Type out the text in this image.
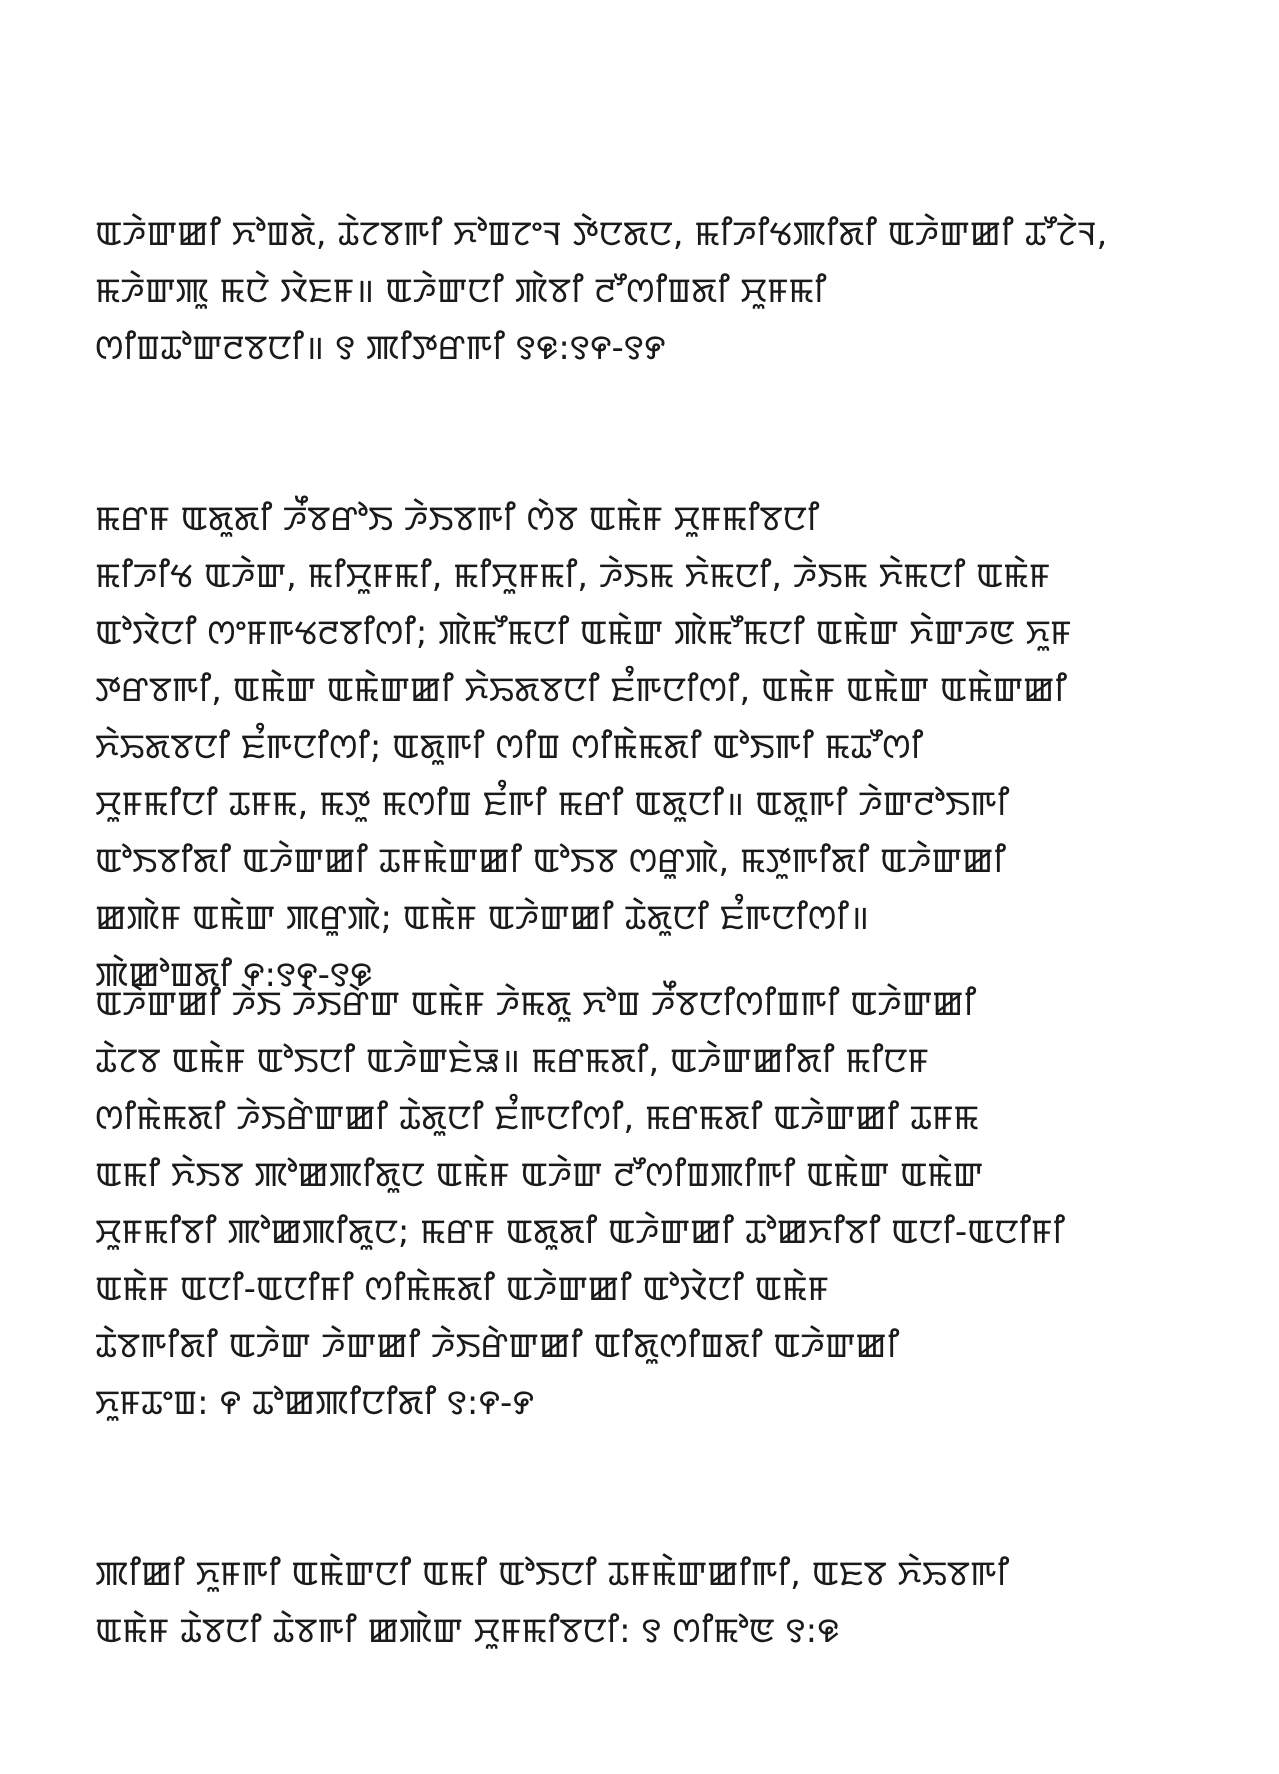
ꯑꯍꯥꯛꯀꯤ ꯈꯣꯡꯗꯥ, ꯊꯥꯖꯕꯒꯤ ꯈꯣꯡꯖꯦꯜ ꯇꯥꯅꯗꯅ, ꯃꯤꯍꯤꯠꯄꯤꯗꯤ ꯑꯍꯥꯛꯀꯤ ꯊꯧꯖꯥꯜ,
ꯃꯍꯥꯛꯄꯨ ꯃꯅꯥ ꯋꯥꯐꯝ॥ ꯑꯍꯥꯛꯅꯤ ꯄꯥꯕꯤ ꯂꯧꯁꯤꯡꯗꯤ ꯆꯨꯝꯃꯤ
ꯁꯤꯡꯊꯣꯛꯂꯕꯅꯤ॥ ꯱ ꯄꯤꯇꯔꯒꯤ ꯱꯶:꯱꯵-꯱꯸

ꯃꯔꯝ ꯑꯗꯨꯗꯤ ꯍꯩꯕꯔꯣꯏ ꯍꯥꯏꯕꯒꯤ ꯁꯥꯕ ꯑꯃꯥꯝ ꯆꯨꯝꯃꯤꯕꯅꯤ
ꯃꯤꯍꯤꯠ ꯑꯍꯥꯛ, ꯃꯤꯆꯨꯝꯃꯤ, ꯃꯤꯆꯨꯝꯃꯤ, ꯍꯥꯏꯃ ꯈꯥꯃꯅꯤ, ꯍꯥꯏꯃ ꯈꯥꯃꯅꯤ ꯑꯃꯥꯝ
ꯑꯣꯋꯥꯅꯤ ꯁꯦꯝꯒꯠꯂꯕꯤꯁꯤ; ꯄꯥꯃꯧꯃꯅꯤ ꯑꯃꯥꯛ ꯄꯥꯃꯧꯃꯅꯤ ꯑꯃꯥꯛ ꯈꯥꯛꯍꯟ ꯈꯨꯝ
ꯇꯔꯕꯒꯤ, ꯑꯃꯥꯛ ꯑꯃꯥꯛꯀꯤ ꯈꯥꯢꯗꯕꯅꯤ ꯐꯪꯒꯅꯤꯁꯤ, ꯑꯃꯥꯝ ꯑꯃꯥꯛ ꯑꯃꯥꯛꯀꯤ
ꯈꯥꯢꯗꯕꯅꯤ ꯐꯪꯒꯅꯤꯁꯤ; ꯑꯗꯨꯒꯤ ꯁꯤꯡ ꯁꯤꯃꯥꯃꯗꯤ ꯑꯣꯏꯒꯤ ꯃꯊꯧꯁꯤ
ꯆꯨꯝꯃꯤꯅꯤ ꯊꯝꯃ, ꯃꯇꯨ ꯃꯁꯤꯡ ꯐꯪꯒꯤ ꯃꯔꯤ ꯑꯗꯨꯅꯤ॥ ꯑꯗꯨꯒꯤ ꯍꯥꯛꯂꯣꯏꯒꯤ
ꯑꯣꯏꯕꯤꯗꯤ ꯑꯍꯥꯛꯀꯤ ꯊꯝꯃꯥꯛꯀꯤ ꯑꯣꯏꯕ ꯁꯔꯨꯄꯥ, ꯃꯇꯨꯒꯤꯗꯤ ꯑꯍꯥꯛꯀꯤ
ꯀꯄꯥꯝ ꯑꯃꯥꯛ ꯄꯔꯨꯄꯥ; ꯑꯃꯥꯝ ꯑꯍꯥꯛꯀꯤ ꯊꯥꯗꯨꯅꯤ ꯐꯪꯒꯅꯤꯁꯤ॥
ꯄꯥꯀꯣꯡꯗꯤ ꯵:꯱꯵-꯱꯶

ꯑꯍꯥꯛꯀꯤ ꯍꯥꯏ ꯍꯥꯏꯔꯥꯛ ꯑꯃꯥꯝ ꯍꯥꯃꯗꯨ ꯈꯣꯡ ꯍꯩꯕꯅꯤꯁꯤꯡꯒꯤ ꯑꯍꯥꯛꯀꯤ
ꯊꯥꯖꯕ ꯑꯃꯥꯝ ꯑꯣꯏꯅꯤ ꯑꯍꯥꯛꯐꯥꯎ॥ ꯃꯔꯃꯗꯤ, ꯑꯍꯥꯛꯀꯤꯗꯤ ꯃꯤꯅꯝ
ꯁꯤꯃꯥꯃꯗꯤ ꯍꯥꯏꯔꯥꯛꯀꯤ ꯊꯥꯗꯨꯅꯤ ꯐꯪꯒꯅꯤꯁꯤ, ꯃꯔꯃꯗꯤ ꯑꯍꯥꯛꯀꯤ ꯊꯝꯃ
ꯑꯃꯤ ꯈꯥꯏꯕ ꯄꯣꯀꯄꯤꯗꯨꯅ ꯑꯃꯥꯝ ꯑꯍꯥꯛ ꯂꯧꯁꯤꯡꯄꯤꯒꯤ ꯑꯃꯥꯛ ꯑꯃꯥꯛ
ꯆꯨꯝꯃꯤꯕꯤ ꯄꯣꯀꯄꯤꯗꯨꯅ; ꯃꯔꯝ ꯑꯗꯨꯗꯤ ꯑꯍꯥꯛꯀꯤ ꯊꯣꯀꯈꯤꯕꯤ ꯑꯅꯤ-ꯑꯅꯤꯝꯤ
ꯑꯃꯥꯝ ꯑꯅꯤ-ꯑꯅꯤꯝꯤ ꯁꯤꯃꯥꯃꯗꯤ ꯑꯍꯥꯛꯀꯤ ꯑꯣꯋꯥꯅꯤ ꯑꯃꯥꯝ
ꯊꯥꯕꯒꯤꯗꯤ ꯑꯍꯥꯛ ꯍꯥꯛꯀꯤ ꯍꯥꯏꯔꯥꯛꯀꯤ ꯑꯤꯗꯨꯁꯤꯡꯗꯤ ꯑꯍꯥꯛꯀꯤ
ꯈꯨꯝꯊꯦꯡ: ꯵ ꯊꯣꯀꯄꯤꯅꯤꯗꯤ ꯱:꯵-꯸

ꯄꯤꯀꯤ ꯈꯨꯝꯒꯤ ꯑꯃꯥꯛꯅꯤ ꯑꯃꯤ ꯑꯣꯏꯅꯤ ꯊꯝꯃꯥꯛꯀꯤꯒꯤ, ꯑꯐꯕ ꯈꯥꯢꯕꯒꯤ
ꯑꯃꯥꯝ ꯊꯥꯕꯅꯤ ꯊꯥꯕꯒꯤ ꯀꯄꯥꯛ ꯆꯨꯝꯃꯤꯕꯅꯤ: ꯱ ꯁꯤꯃꯣꯟ ꯱:꯶
